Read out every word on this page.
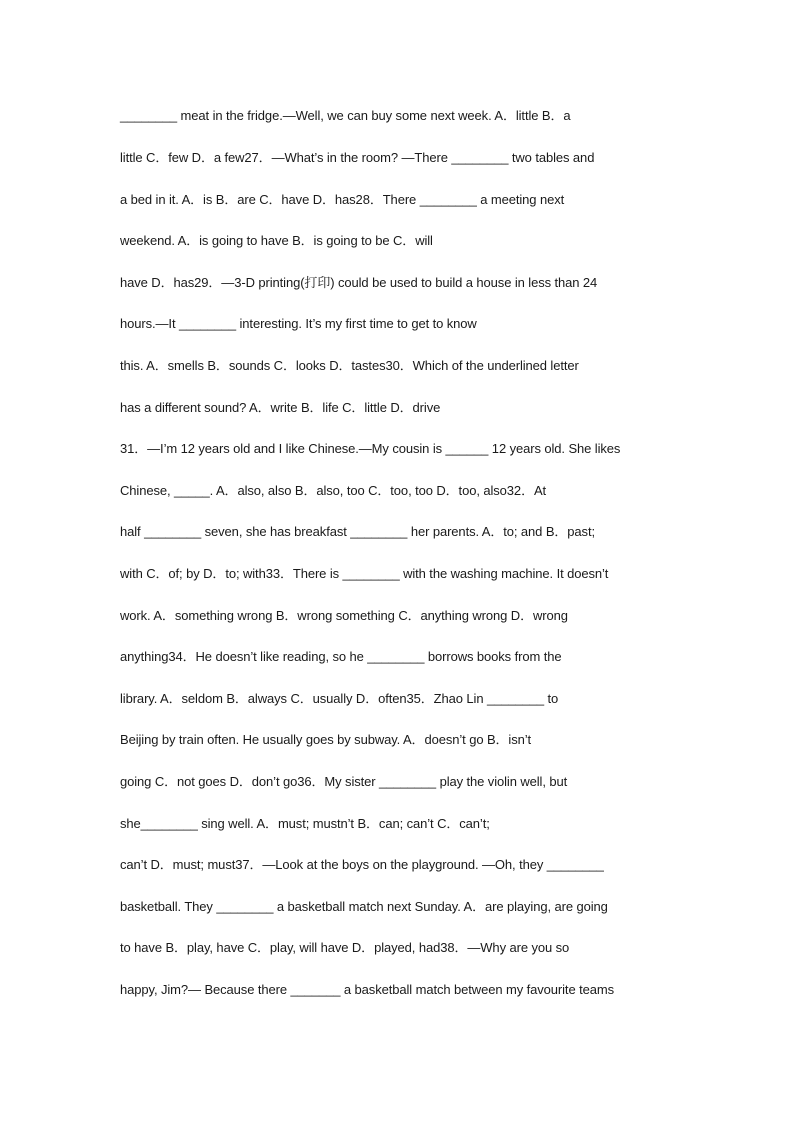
________ meat in the fridge.—Well, we can buy some next week. A．little B．a
little C．few D．a few27．—What’s in the room? —There ________ two tables and
a bed in it. A．is B．are C．have D．has28．There ________ a meeting next
weekend. A．is going to have B．is going to be C．will
have D．has29．—3-D printing(打印) could be used to build a house in less than 24
hours.—It ________ interesting. It’s my first time to get to know
this. A．smells B．sounds C．looks D．tastes30．Which of the underlined letter
has a different sound? A．write B．life C．little D．drive
31．—I’m 12 years old and I like Chinese.—My cousin is ______ 12 years old. She likes
Chinese, _____. A．also, also B．also, too C．too, too D．too, also32．At
half ________ seven, she has breakfast ________ her parents. A．to; and B．past;
with C．of; by D．to; with33．There is ________ with the washing machine. It doesn’t
work. A．something wrong B．wrong something C．anything wrong D．wrong
anything34．He doesn’t like reading, so he ________ borrows books from the
library. A．seldom B．always C．usually D．often35．Zhao Lin ________ to
Beijing by train often. He usually goes by subway. A．doesn’t go B．isn’t
going C．not goes D．don’t go36．My sister ________ play the violin well, but
she________ sing well. A．must; mustn’t B．can; can’t C．can’t;
can’t D．must; must37．—Look at the boys on the playground. —Oh, they ________
basketball. They ________ a basketball match next Sunday. A．are playing, are going
to have B．play, have C．play, will have D．played, had38．—Why are you so
happy, Jim?— Because there _______ a basketball match between my favourite teams
